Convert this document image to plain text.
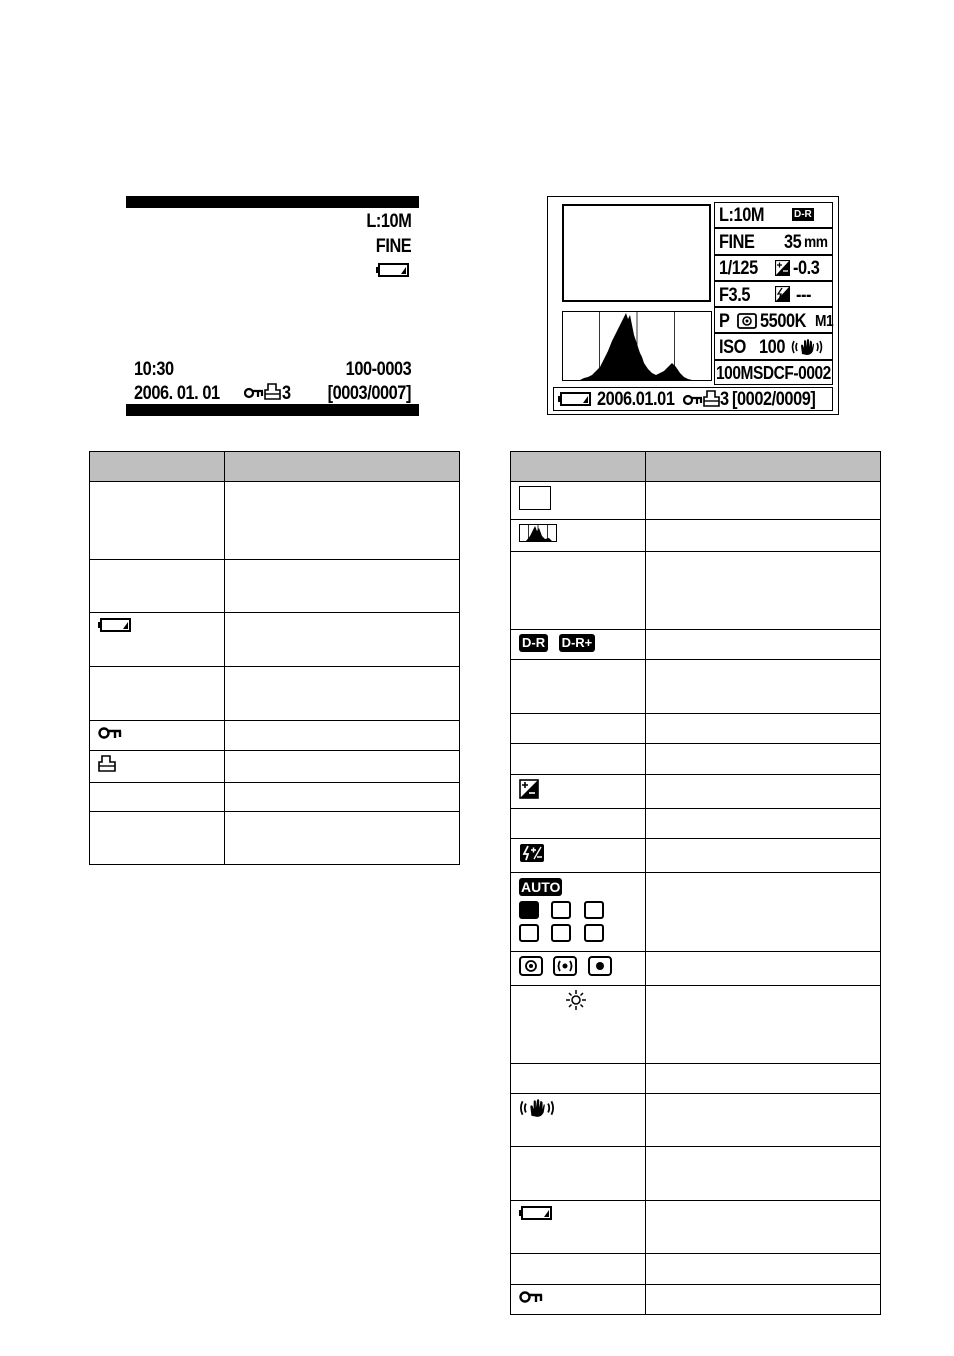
L:10M
FINE
10:30	100-0003
2006. 01. 01	3 [0003/0007]
L:10M	D-R
FINE 35 mm
1/125 -0.3
F3.5 ---
P 5500K M1
ISO 100
100MSDCF-0002
2006.01.01 3 [0002/0009]

D-R D-R+	

AUTO	
